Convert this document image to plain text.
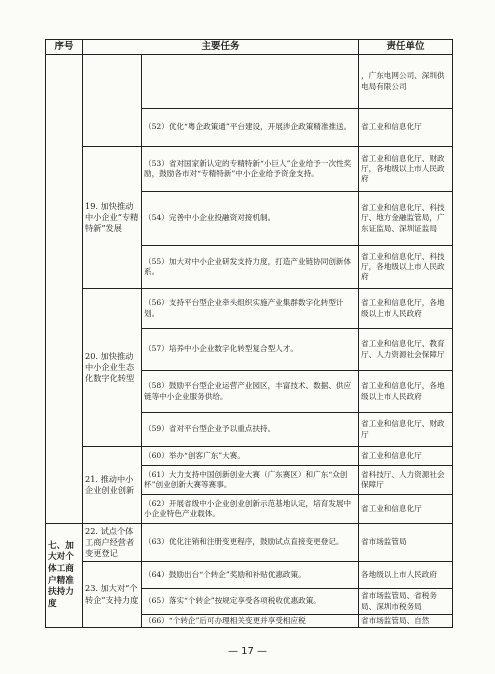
序号	主要任务		责任单位
			，广东电网公司、深圳供电局有限公司
		（52）优化“粤企政策通”平台建设，开展涉企政策精准推送。	省工业和信息化厅
	19. 加快推动中小企业“专精特新”发展	（53）省对国家新认定的专精特新“小巨人”企业给予一次性奖励，鼓励各市对“专精特新”中小企业给予资金支持。	省工业和信息化厅、财政厅，各地级以上市人民政府
		（54）完善中小企业投融资对接机制。	省工业和信息化厅、科技厅、地方金融监管局，广东证监局、深圳证监局
		（55）加大对中小企业研发支持力度，打造产业链协同创新体系。	省工业和信息化厅、科技厅，各地级以上市人民政府
	20. 加快推动中小企业生态化数字化转型	（56）支持平台型企业牵头组织实施产业集群数字化转型计划。	省工业和信息化厅，各地级以上市人民政府
		（57）培养中小企业数字化转型复合型人才。	省工业和信息化厅、教育厅、人力资源社会保障厅
		（58）鼓励平台型企业运营产业园区，丰富技术、数据、供应链等中小企业服务供给。	省工业和信息化厅，各地级以上市人民政府
		（59）省对平台型企业予以重点扶持。	省工业和信息化厅、财政厅
	21. 推动中小企业创业创新	（60）举办“创客广东”大赛。	省工业和信息化厅
		（61）大力支持中国创新创业大赛（广东赛区）和广东“众创杯”创业创新大赛等赛事。	省科技厅、人力资源社会保障厅
		（62）开展省级中小企业创业创新示范基地认定，培育发展中小企业特色产业载体。	省工业和信息化厅
七、加大对个体工商户精准扶持力度	22. 试点个体工商户经营者变更登记	（63）优化注销和注册变更程序，鼓励试点直接变更登记。	省市场监管局
	23. 加大对“个转企”支持力度	（64）鼓励出台“个转企”奖励和补贴优惠政策。	各地级以上市人民政府
		（65）落实“个转企”按规定享受各项税收优惠政策。	省市场监管局、省税务局、深圳市税务局
		（66）“个转企”后可办理相关变更并享受相应税	省市场监管局、自然
— 17 —
